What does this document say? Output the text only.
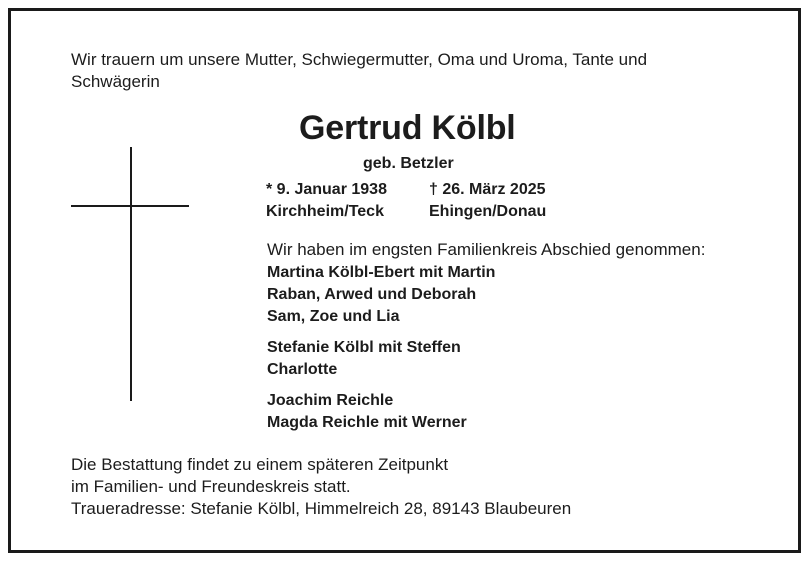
Wir trauern um unsere Mutter, Schwiegermutter, Oma und Uroma, Tante und
Schwägerin
Gertrud Kölbl
geb. Betzler
* 9. Januar 1938
Kirchheim/Teck
† 26. März 2025
Ehingen/Donau
Wir haben im engsten Familienkreis Abschied genommen:
Martina Kölbl-Ebert mit Martin
Raban, Arwed und Deborah
Sam, Zoe und Lia
Stefanie Kölbl mit Steffen
Charlotte
Joachim Reichle
Magda Reichle mit Werner
Die Bestattung findet zu einem späteren Zeitpunkt
im Familien- und Freundeskreis statt.
Traueradresse: Stefanie Kölbl, Himmelreich 28, 89143 Blaubeuren
